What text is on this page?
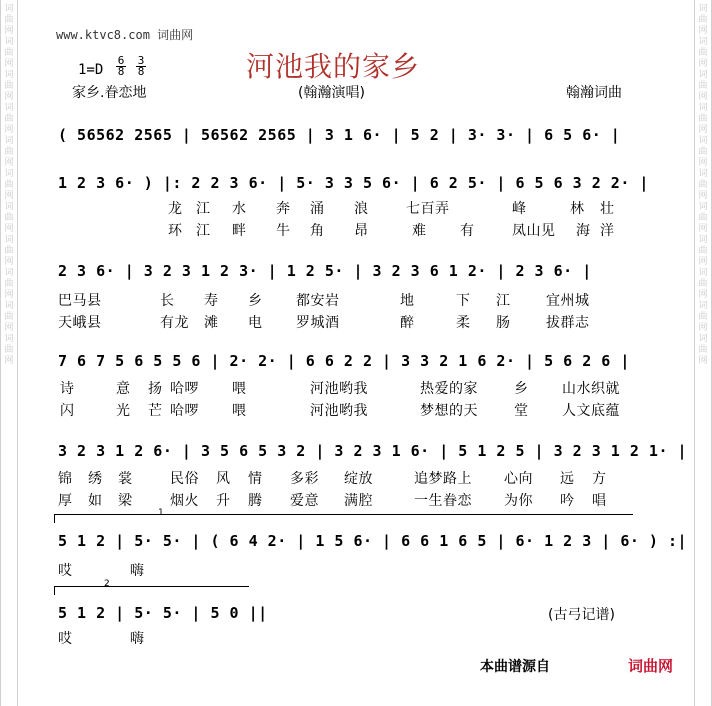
词曲网词曲网词曲网词曲网词曲网词曲网词曲网词曲网词曲网词曲网词曲网
词曲网词曲网词曲网词曲网词曲网词曲网词曲网词曲网词曲网词曲网词曲网
www.ktvc8.com 词曲网
河池我的家乡
1=D
6
8
3
8
家乡.眷恋地	(翰瀚演唱)	翰瀚词曲
( 56562 2565 | 56562 2565 | 3 1 6· | 5 2 | 3· 3· | 6 5 6· |
1 2 3 6· ) |: 2 2 3 6· | 5· 3 3 5 6· | 6 2 5· | 6 5 6 3 2 2· |
龙 江 水 奔 涌 浪	七百弄	峰	林 壮
环 江 畔 牛 角 昂	难 有	凤山见 海 洋
2 3 6· | 3 2 3 1 2 3· | 1 2 5· | 3 2 3 6 1 2· | 2 3 6· |
巴马县	长 寿 乡 都安岩	地	下 江	宜州城
天峨县	有龙 滩 电 罗城酒	醉	柔 肠	拔群志
7 6 7 5 6 5 5 6 | 2· 2· | 6 6 2 2 | 3 3 2 1 6 2· | 5 6 2 6 |
诗	意 扬 哈啰 喂	河池哟我	热爱的家	乡 山水织就
闪	光 芒 哈啰 喂	河池哟我	梦想的天	堂 人文底蕴
3 2 3 1 2 6· | 3 5 6 5 3 2 | 3 2 3 1 6· | 5 1 2 5 | 3 2 3 1 2 1· |
锦 绣 裳	民俗 风 情 多彩 绽放	追梦路上 心向 远 方
厚 如 梁	烟火 升 腾 爱意 满腔	一生眷恋 为你 吟 唱
1
5 1 2 | 5· 5· | ( 6 4 2· | 1 5 6· | 6 6 1 6 5 | 6· 1 2 3 | 6· ) :|
哎	嗨
2
5 1 2 | 5· 5· | 5 0 ||
哎	嗨
(古弓记谱)
本曲谱源自	词曲网
